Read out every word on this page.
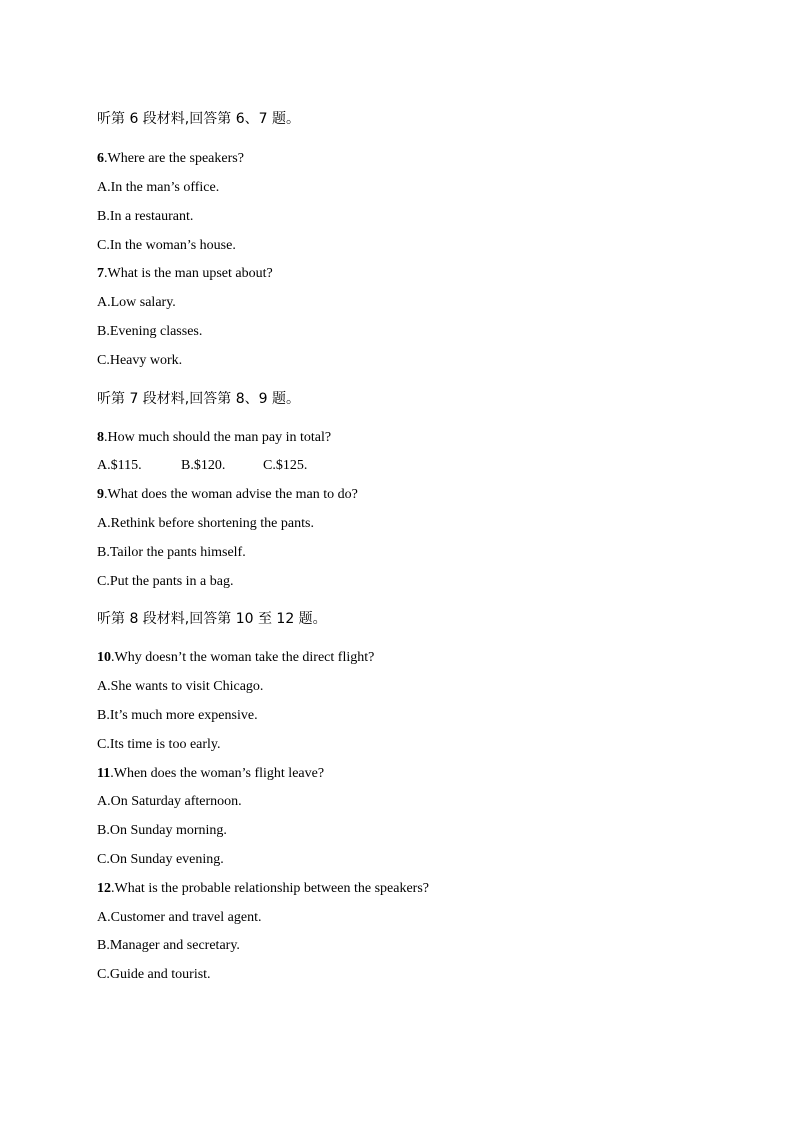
听第 6 段材料,回答第 6、7 题。
6.Where are the speakers?
A.In the man’s office.
B.In a restaurant.
C.In the woman’s house.
7.What is the man upset about?
A.Low salary.
B.Evening classes.
C.Heavy work.
听第 7 段材料,回答第 8、9 题。
8.How much should the man pay in total?
A.$115.	B.$120.	C.$125.
9.What does the woman advise the man to do?
A.Rethink before shortening the pants.
B.Tailor the pants himself.
C.Put the pants in a bag.
听第 8 段材料,回答第 10 至 12 题。
10.Why doesn’t the woman take the direct flight?
A.She wants to visit Chicago.
B.It’s much more expensive.
C.Its time is too early.
11.When does the woman’s flight leave?
A.On Saturday afternoon.
B.On Sunday morning.
C.On Sunday evening.
12.What is the probable relationship between the speakers?
A.Customer and travel agent.
B.Manager and secretary.
C.Guide and tourist.
